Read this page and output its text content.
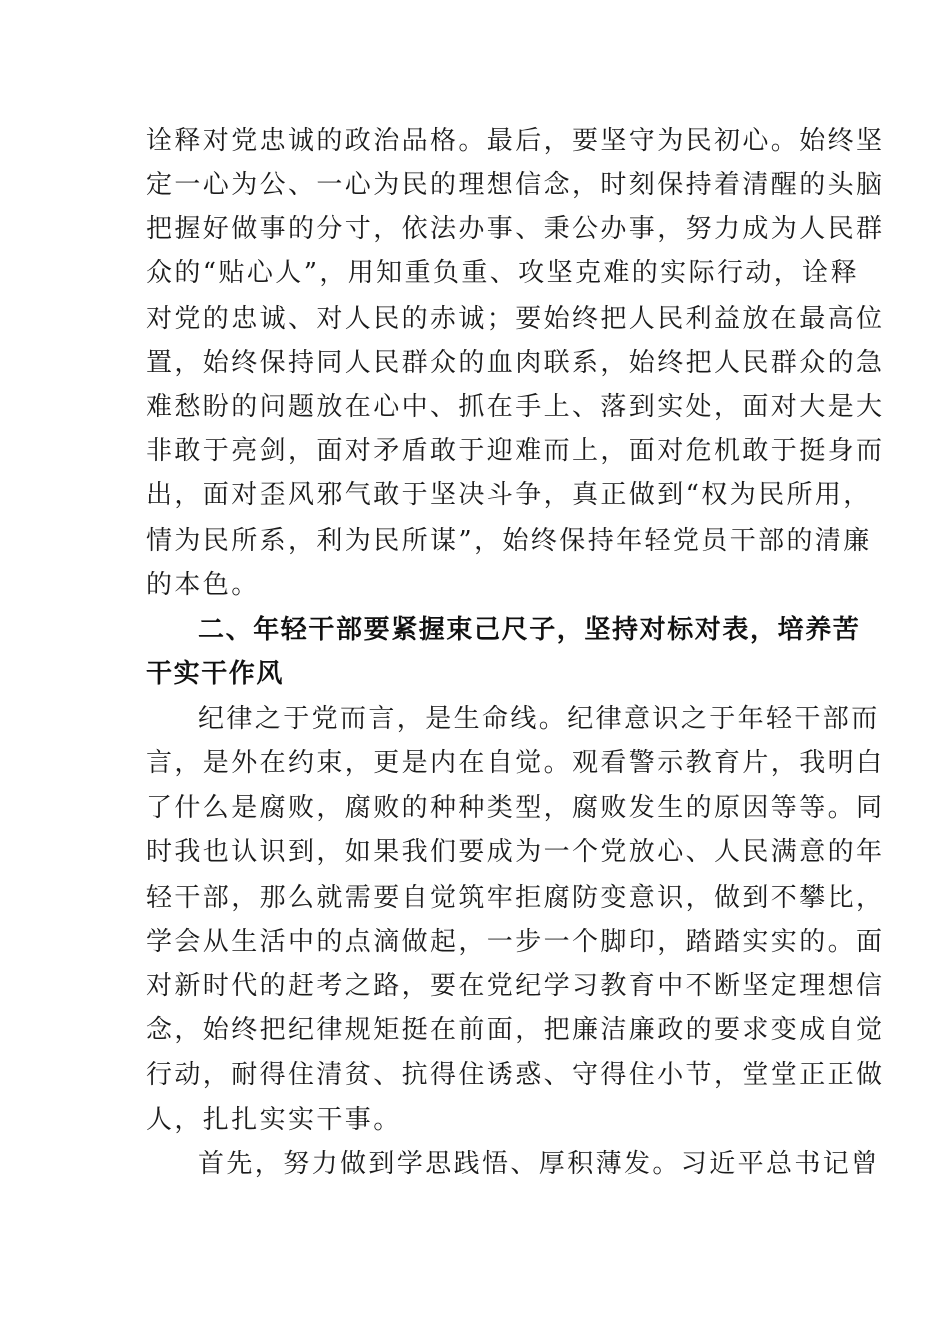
诠释对党忠诚的政治品格。最后，要坚守为民初心。始终坚
定一心为公、一心为民的理想信念，时刻保持着清醒的头脑
把握好做事的分寸，依法办事、秉公办事，努力成为人民群
众的“贴心人”，用知重负重、攻坚克难的实际行动，诠释
对党的忠诚、对人民的赤诚；要始终把人民利益放在最高位
置，始终保持同人民群众的血肉联系，始终把人民群众的急
难愁盼的问题放在心中、抓在手上、落到实处，面对大是大
非敢于亮剑，面对矛盾敢于迎难而上，面对危机敢于挺身而
出，面对歪风邪气敢于坚决斗争，真正做到“权为民所用，
情为民所系，利为民所谋”，始终保持年轻党员干部的清廉
的本色。
二、年轻干部要紧握束己尺子，坚持对标对表，培养苦
干实干作风
纪律之于党而言，是生命线。纪律意识之于年轻干部而
言，是外在约束，更是内在自觉。观看警示教育片，我明白
了什么是腐败，腐败的种种类型，腐败发生的原因等等。同
时我也认识到，如果我们要成为一个党放心、人民满意的年
轻干部，那么就需要自觉筑牢拒腐防变意识，做到不攀比，
学会从生活中的点滴做起，一步一个脚印，踏踏实实的。面
对新时代的赶考之路，要在党纪学习教育中不断坚定理想信
念，始终把纪律规矩挺在前面，把廉洁廉政的要求变成自觉
行动，耐得住清贫、抗得住诱惑、守得住小节，堂堂正正做
人，扎扎实实干事。
首先，努力做到学思践悟、厚积薄发。习近平总书记曾
